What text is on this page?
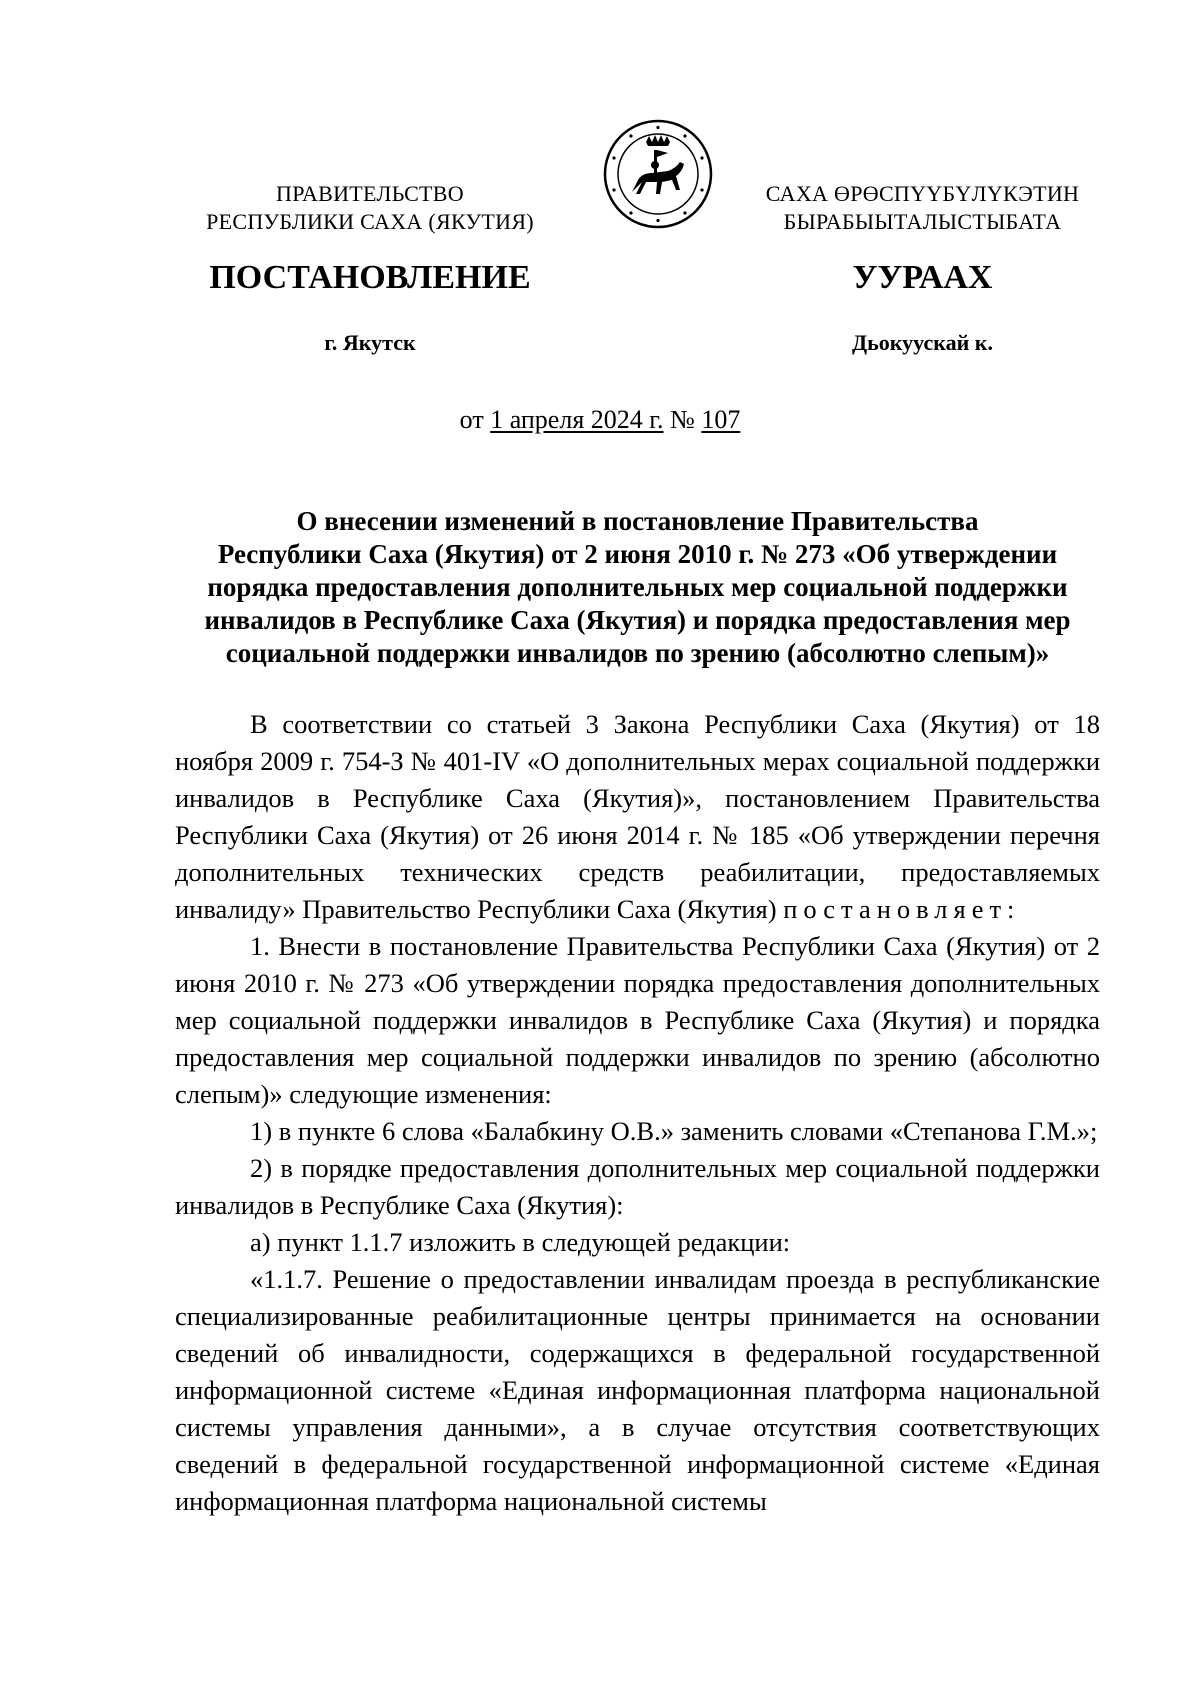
ПРАВИТЕЛЬСТВО
РЕСПУБЛИКИ САХА (ЯКУТИЯ)
САХА ӨРӨСПҮҮБҮЛҮКЭТИН
БЫРАБЫЫТАЛЫСТЫБАТА
ПОСТАНОВЛЕНИЕ	УУРААХ
г. Якутск	Дьокуускай к.
от 1 апреля 2024 г. № 107
О внесении изменений в постановление Правительства
Республики Саха (Якутия) от 2 июня 2010 г. № 273 «Об утверждении
порядка предоставления дополнительных мер социальной поддержки
инвалидов в Республике Саха (Якутия) и порядка предоставления мер
социальной поддержки инвалидов по зрению (абсолютно слепым)»

В соответствии со статьей 3 Закона Республики Саха (Якутия) от 18 ноября 2009 г. 754-З № 401-IV «О дополнительных мерах социальной поддержки инвалидов в Республике Саха (Якутия)», постановлением Правительства Республики Саха (Якутия) от 26 июня 2014 г. № 185 «Об утверждении перечня дополнительных технических средств реабилитации, предоставляемых инвалиду» Правительство Республики Саха (Якутия) постановляет:

1. Внести в постановление Правительства Республики Саха (Якутия) от 2 июня 2010 г. № 273 «Об утверждении порядка предоставления дополнительных мер социальной поддержки инвалидов в Республике Саха (Якутия) и порядка предоставления мер социальной поддержки инвалидов по зрению (абсолютно слепым)» следующие изменения:

1) в пункте 6 слова «Балабкину О.В.» заменить словами «Степанова Г.М.»;

2) в порядке предоставления дополнительных мер социальной поддержки инвалидов в Республике Саха (Якутия):

а) пункт 1.1.7 изложить в следующей редакции:

«1.1.7. Решение о предоставлении инвалидам проезда в республиканские специализированные реабилитационные центры принимается на основании сведений об инвалидности, содержащихся в федеральной государственной информационной системе «Единая информационная платформа национальной системы управления данными», а в случае отсутствия соответствующих сведений в федеральной государственной информационной системе «Единая информационная платформа национальной системы
